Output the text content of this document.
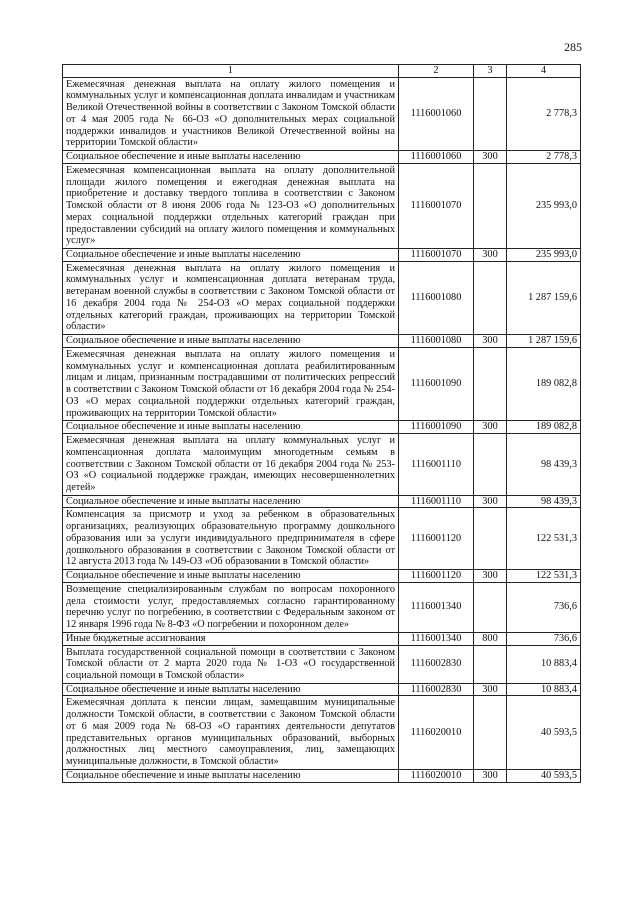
285
1	2	3	4
Ежемесячная денежная выплата на оплату жилого помещения и коммунальных услуг и компенсационная доплата инвалидам и участникам Великой Отечественной войны в соответствии с Законом Томской области от 4 мая 2005 года № 66-ОЗ «О дополнительных мерах социальной поддержки инвалидов и участников Великой Отечественной войны на территории Томской области»	1116001060		2 778,3
Социальное обеспечение и иные выплаты населению	1116001060	300	2 778,3
Ежемесячная компенсационная выплата на оплату дополнительной площади жилого помещения и ежегодная денежная выплата на приобретение и доставку твердого топлива в соответствии с Законом Томской области от 8 июня 2006 года № 123-ОЗ «О дополнительных мерах социальной поддержки отдельных категорий граждан при предоставлении субсидий на оплату жилого помещения и коммунальных услуг»	1116001070		235 993,0
Социальное обеспечение и иные выплаты населению	1116001070	300	235 993,0
Ежемесячная денежная выплата на оплату жилого помещения и коммунальных услуг и компенсационная доплата ветеранам труда, ветеранам военной службы в соответствии с Законом Томской области от 16 декабря 2004 года № 254-ОЗ «О мерах социальной поддержки отдельных категорий граждан, проживающих на территории Томской области»	1116001080		1 287 159,6
Социальное обеспечение и иные выплаты населению	1116001080	300	1 287 159,6
Ежемесячная денежная выплата на оплату жилого помещения и коммунальных услуг и компенсационная доплата реабилитированным лицам и лицам, признанным пострадавшими от политических репрессий в соответствии с Законом Томской области от 16 декабря 2004 года № 254-ОЗ «О мерах социальной поддержки отдельных категорий граждан, проживающих на территории Томской области»	1116001090		189 082,8
Социальное обеспечение и иные выплаты населению	1116001090	300	189 082,8
Ежемесячная денежная выплата на оплату коммунальных услуг и компенсационная доплата малоимущим многодетным семьям в соответствии с Законом Томской области от 16 декабря 2004 года № 253-ОЗ «О социальной поддержке граждан, имеющих несовершеннолетних детей»	1116001110		98 439,3
Социальное обеспечение и иные выплаты населению	1116001110	300	98 439,3
Компенсация за присмотр и уход за ребенком в образовательных организациях, реализующих образовательную программу дошкольного образования или за услуги индивидуального предпринимателя в сфере дошкольного образования в соответствии с Законом Томской области от 12 августа 2013 года № 149-ОЗ «Об образовании в Томской области»	1116001120		122 531,3
Социальное обеспечение и иные выплаты населению	1116001120	300	122 531,3
Возмещение специализированным службам по вопросам похоронного дела стоимости услуг, предоставляемых согласно гарантированному перечню услуг по погребению, в соответствии с Федеральным законом от 12 января 1996 года № 8-ФЗ «О погребении и похоронном деле»	1116001340		736,6
Иные бюджетные ассигнования	1116001340	800	736,6
Выплата государственной социальной помощи в соответствии с Законом Томской области от 2 марта 2020 года № 1-ОЗ «О государственной социальной помощи в Томской области»	1116002830		10 883,4
Социальное обеспечение и иные выплаты населению	1116002830	300	10 883,4
Ежемесячная доплата к пенсии лицам, замещавшим муниципальные должности Томской области, в соответствии с Законом Томской области от 6 мая 2009 года № 68-ОЗ «О гарантиях деятельности депутатов представительных органов муниципальных образований, выборных должностных лиц местного самоуправления, лиц, замещающих муниципальные должности, в Томской области»	1116020010		40 593,5
Социальное обеспечение и иные выплаты населению	1116020010	300	40 593,5
